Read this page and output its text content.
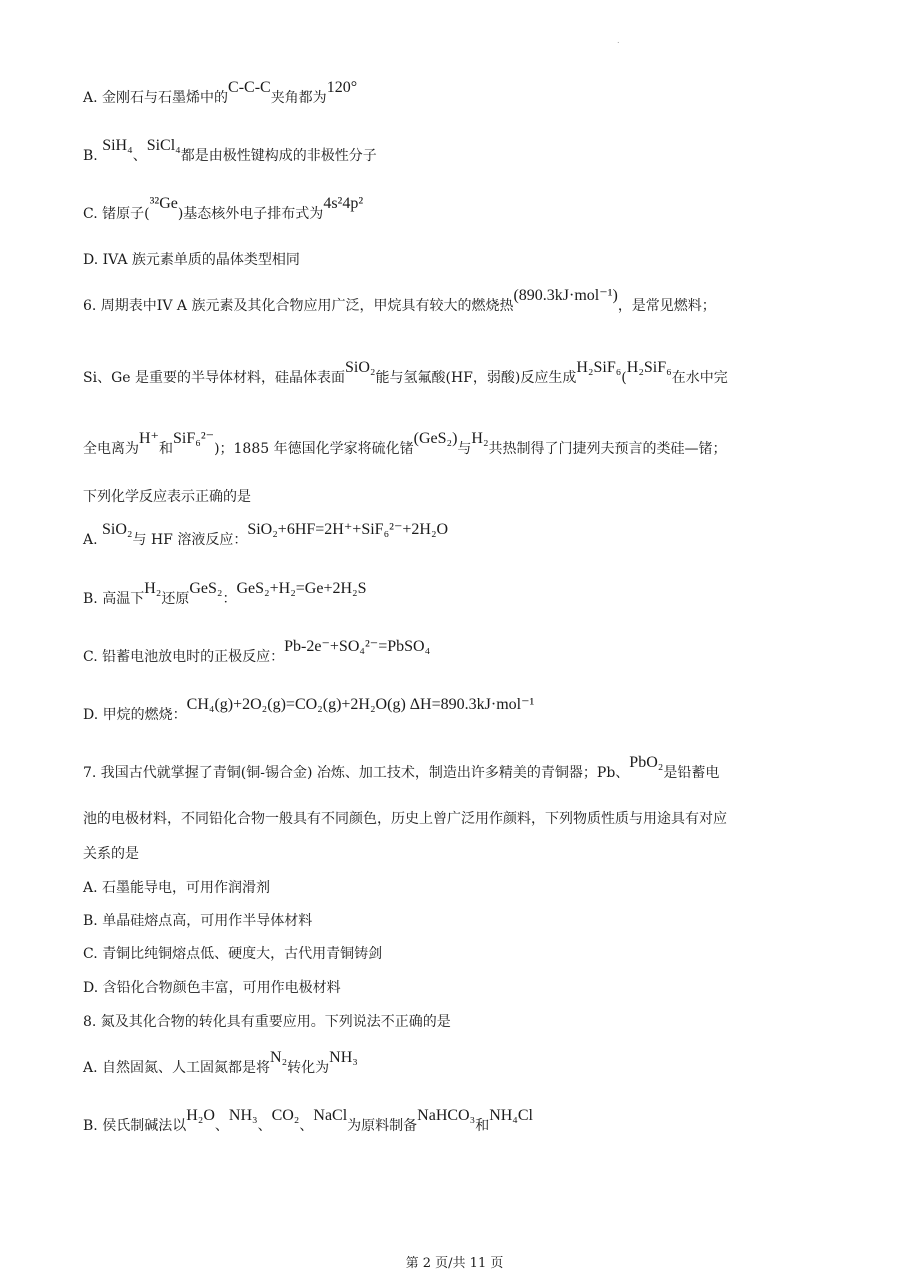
.
A. 金刚石与石墨烯中的C-C-C夹角都为120°
B. SiH₄、SiCl₄都是由极性键构成的非极性分子
C. 锗原子(³²Ge)基态核外电子排布式为4s²4p²
D. IVA 族元素单质的晶体类型相同
6. 周期表中IV A 族元素及其化合物应用广泛，甲烷具有较大的燃烧热(890.3kJ·mol⁻¹)，是常见燃料；
Si、Ge 是重要的半导体材料，硅晶体表面SiO₂能与氢氟酸(HF，弱酸)反应生成H₂SiF₆(H₂SiF₆在水中完
全电离为H⁺和SiF₆²⁻)；1885 年德国化学家将硫化锗(GeS₂)与H₂共热制得了门捷列夫预言的类硅—锗；
下列化学反应表示正确的是
A. SiO₂与 HF 溶液反应：SiO₂+6HF=2H⁺+SiF₆²⁻+2H₂O
B. 高温下H₂还原GeS₂：GeS₂+H₂=Ge+2H₂S
C. 铅蓄电池放电时的正极反应：Pb-2e⁻+SO₄²⁻=PbSO₄
D. 甲烷的燃烧：CH₄(g)+2O₂(g)=CO₂(g)+2H₂O(g) ΔH=890.3kJ·mol⁻¹
7. 我国古代就掌握了青铜(铜-锡合金) 冶炼、加工技术，制造出许多精美的青铜器；Pb、PbO₂是铅蓄电
池的电极材料，不同铅化合物一般具有不同颜色，历史上曾广泛用作颜料，下列物质性质与用途具有对应
关系的是
A. 石墨能导电，可用作润滑剂
B. 单晶硅熔点高，可用作半导体材料
C. 青铜比纯铜熔点低、硬度大，古代用青铜铸剑
D. 含铅化合物颜色丰富，可用作电极材料
8. 氮及其化合物的转化具有重要应用。下列说法不正确的是
A. 自然固氮、人工固氮都是将N₂转化为NH₃
B. 侯氏制碱法以H₂O、NH₃、CO₂、NaCl为原料制备NaHCO₃和NH₄Cl
第 2 页/共 11 页
